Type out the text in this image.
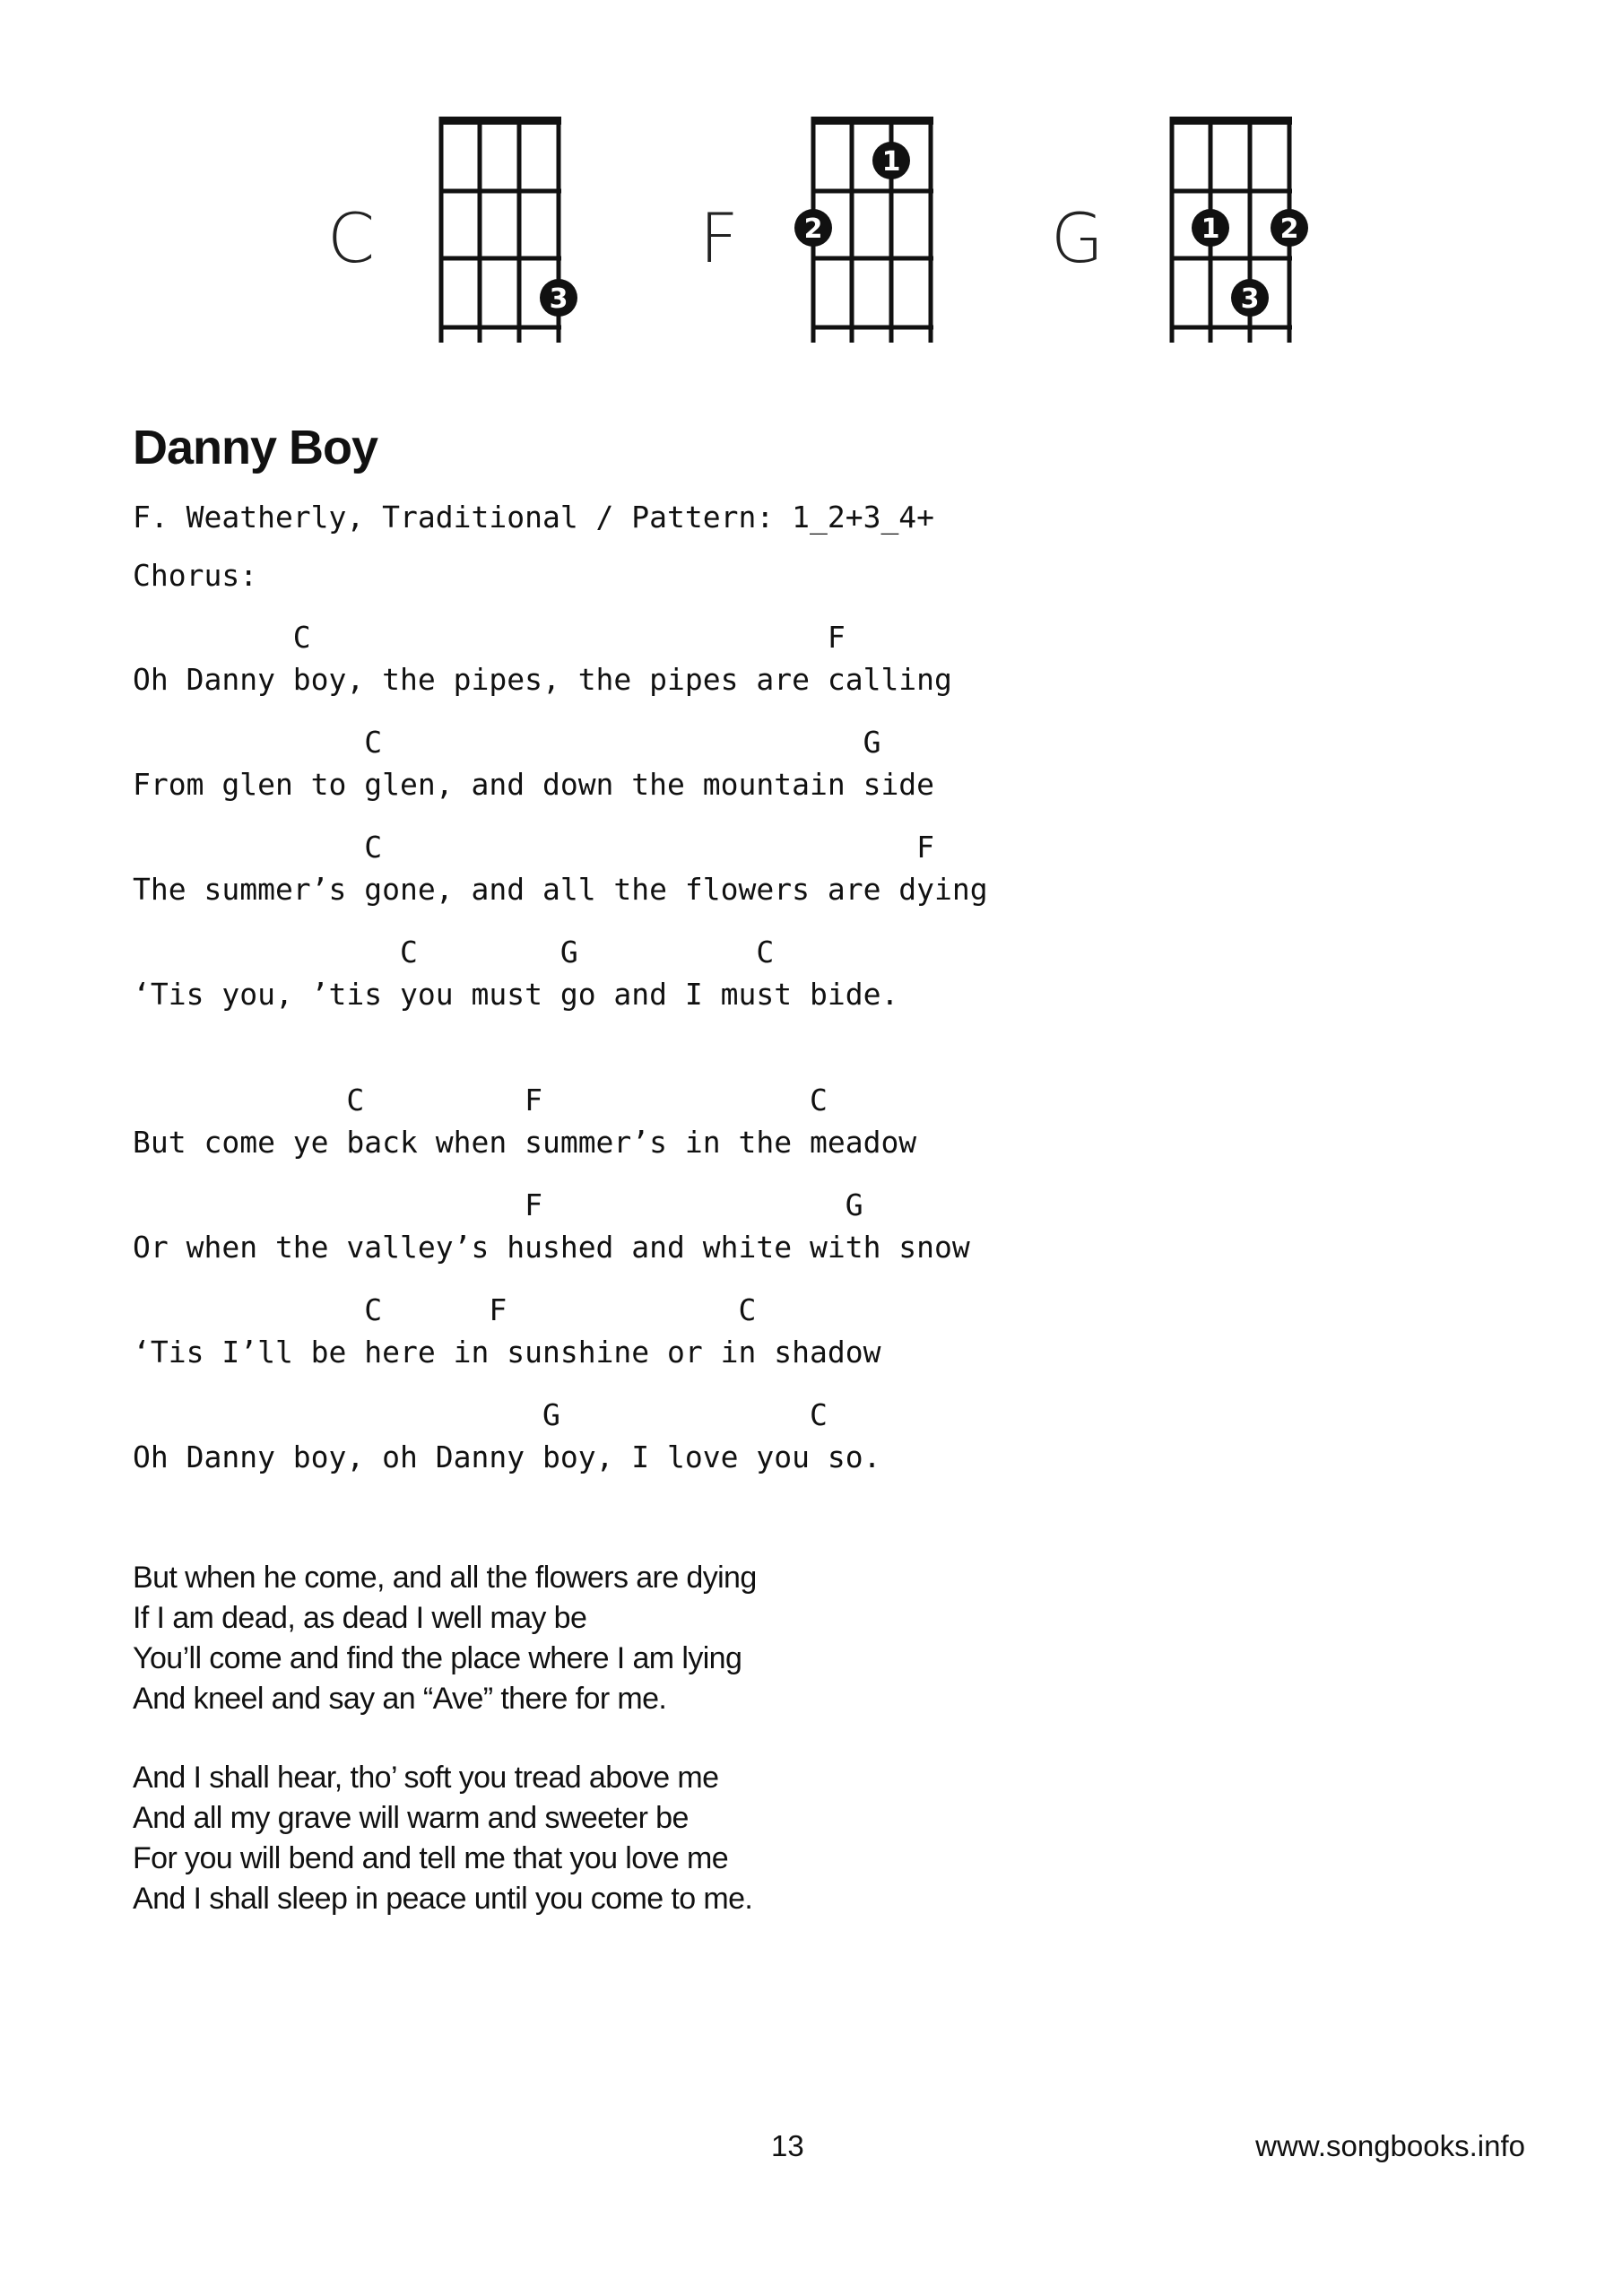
C
3
F
1
2	G	1 2
3
Danny Boy
F. Weatherly, Traditional / Pattern: 1_2+3_4+
Chorus:
C                             F
Oh Danny boy, the pipes, the pipes are calling
C                           G
From glen to glen, and down the mountain side
C                              F
The summer’s gone, and all the flowers are dying
C        G          C
‘Tis you, ’tis you must go and I must bide.
C         F               C
But come ye back when summer’s in the meadow
F                 G
Or when the valley’s hushed and white with snow
C      F             C
‘Tis I’ll be here in sunshine or in shadow
G              C
Oh Danny boy, oh Danny boy, I love you so.
But when he come, and all the flowers are dying
If I am dead, as dead I well may be
You’ll come and find the place where I am lying
And kneel and say an “Ave” there for me.
And I shall hear, tho’ soft you tread above me
And all my grave will warm and sweeter be
For you will bend and tell me that you love me
And I shall sleep in peace until you come to me.
13	www.songbooks.info
